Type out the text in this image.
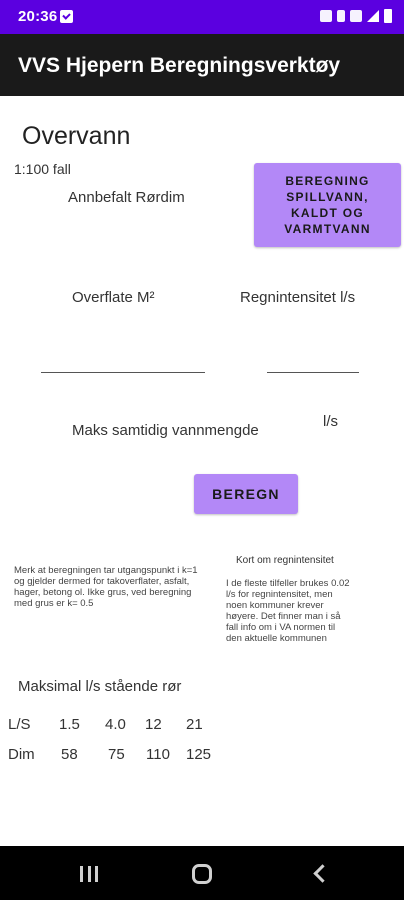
20:36
VVS Hjepern Beregningsverktøy
Overvann
1:100 fall
Annbefalt Rørdim
BEREGNING SPILLVANN, KALDT OG VARMTVANN
Overflate M²	Regnintensitet l/s
Maks samtidig vannmengde
l/s
BEREGN
Merk at beregningen tar utgangspunkt i k=1 og gjelder dermed for takoverflater, asfalt, hager, betong ol. Ikke grus, ved beregning med grus er k= 0.5
Kort om regnintensitet
I de fleste tilfeller brukes 0.02 l/s for regnintensitet, men noen kommuner krever høyere. Det finner man i så fall info om i VA normen til den aktuelle kommunen
Maksimal l/s stående rør
L/S 1.5 4.0 12 21
Dim 58 75 110 125
